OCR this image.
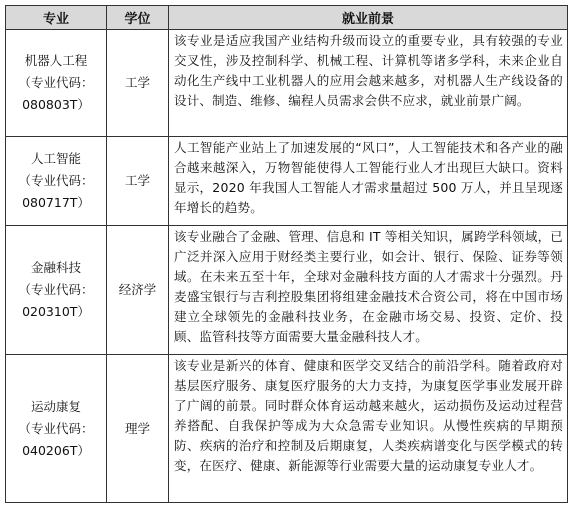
专业	学位	就业前景

机器人工程
（专业代码：
080803T）	工学	该专业是适应我国产业结构升级而设立的重要专业，具有较强的专业交叉性，涉及控制科学、机械工程、计算机等诸多学科，未来企业自动化生产线中工业机器人的应用会越来越多，对机器人生产线设备的设计、制造、维修、编程人员需求会供不应求，就业前景广阔。

人工智能
（专业代码：
080717T）	工学	人工智能产业站上了加速发展的“风口”，人工智能技术和各产业的融合越来越深入，万物智能使得人工智能行业人才出现巨大缺口。资料显示，2020 年我国人工智能人才需求量超过 500 万人，并且呈现逐年增长的趋势。

金融科技
（专业代码：
020310T）	经济学	该专业融合了金融、管理、信息和 IT 等相关知识，属跨学科领域，已广泛并深入应用于财经类主要行业，如会计、银行、保险、证券等领域。在未来五至十年，全球对金融科技方面的人才需求十分强烈。丹麦盛宝银行与吉利控股集团将组建金融技术合资公司，将在中国市场建立全球领先的金融科技业务，在金融市场交易、投资、定价、投顾、监管科技等方面需要大量金融科技人才。

运动康复
（专业代码：
040206T）	理学	该专业是新兴的体育、健康和医学交叉结合的前沿学科。随着政府对基层医疗服务、康复医疗服务的大力支持，为康复医学事业发展开辟了广阔的前景。同时群众体育运动越来越火，运动损伤及运动过程营养搭配、自我保护等成为大众急需专业知识。从慢性疾病的早期预防、疾病的治疗和控制及后期康复，人类疾病谱变化与医学模式的转变，在医疗、健康、新能源等行业需要大量的运动康复专业人才。
